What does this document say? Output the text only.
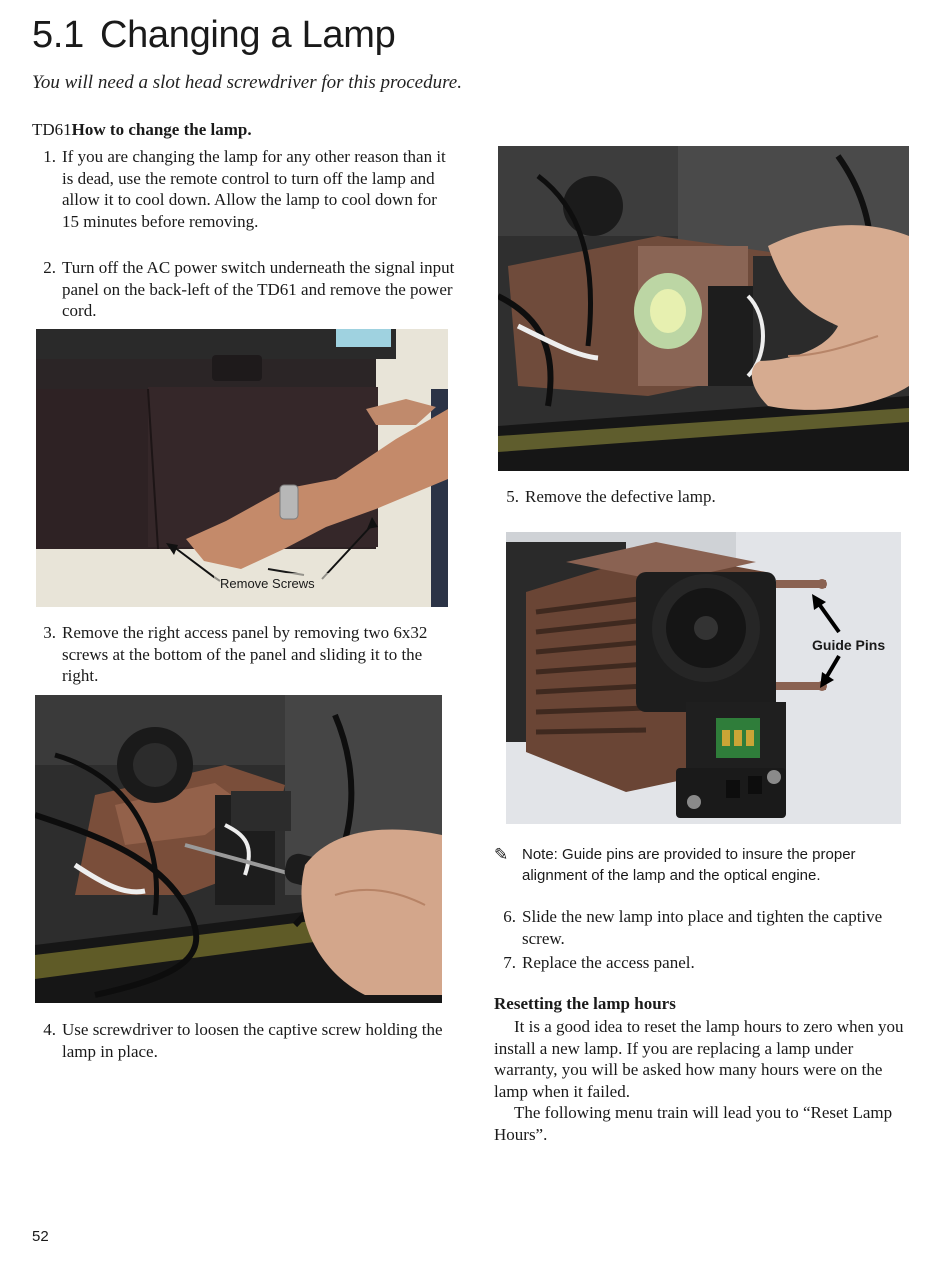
5.1 Changing a Lamp
You will need a slot head screwdriver for this procedure.
TD61How to change the lamp.
1. If you are changing the lamp for any other reason than it is dead, use the remote control to turn off the lamp and allow it to cool down. Allow the lamp to cool down for 15 minutes before removing.
2. Turn off the AC power switch underneath the signal input panel on the back-left of the TD61 and remove the power cord.
Remove Screws
3. Remove the right access panel by removing two 6x32 screws at the bottom of the panel and sliding it to the right.
4. Use screwdriver to loosen the captive screw holding the lamp in place.
5. Remove the defective lamp.
Guide Pins
✎ Note: Guide pins are provided to insure the proper alignment of the lamp and the optical engine.
6. Slide the new lamp into place and tighten the captive screw.
7. Replace the access panel.
Resetting the lamp hours
It is a good idea to reset the lamp hours to zero when you install a new lamp. If you are replacing a lamp under warranty, you will be asked how many hours were on the lamp when it failed.
The following menu train will lead you to “Reset Lamp Hours”.
52
